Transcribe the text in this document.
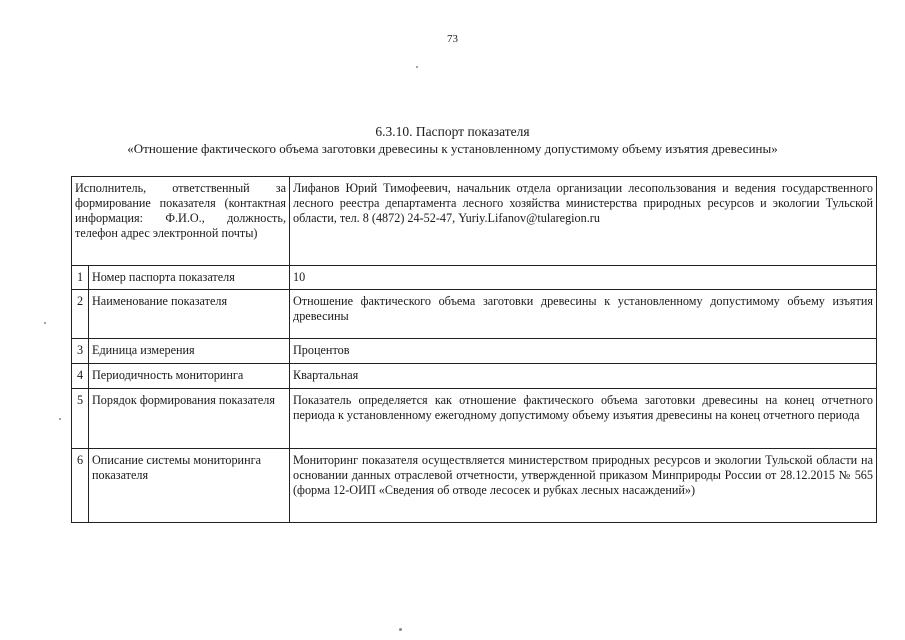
73
6.3.10. Паспорт показателя
«Отношение фактического объема заготовки древесины к установленному допустимому объему изъятия древесины»
Исполнитель, ответственный за формирование показателя (контактная информация: Ф.И.О., должность, телефон адрес электронной почты)		Лифанов Юрий Тимофеевич, начальник отдела организации лесопользования и ведения государственного лесного реестра департамента лесного хозяйства министерства природных ресурсов и экологии Тульской области, тел. 8 (4872) 24-52-47, Yuriy.Lifanov@tularegion.ru
1	Номер паспорта показателя	10
2	Наименование показателя	Отношение фактического объема заготовки древесины к установленному допустимому объему изъятия древесины
3	Единица измерения	Процентов
4	Периодичность мониторинга	Квартальная
5	Порядок формирования показателя	Показатель определяется как отношение фактического объема заготовки древесины на конец отчетного периода к установленному ежегодному допустимому объему изъятия древесины на конец отчетного периода
6	Описание системы мониторинга показателя	Мониторинг показателя осуществляется министерством природных ресурсов и экологии Тульской области на основании данных отраслевой отчетности, утвержденной приказом Минприроды России от 28.12.2015 № 565 (форма 12-ОИП «Сведения об отводе лесосек и рубках лесных насаждений»)
